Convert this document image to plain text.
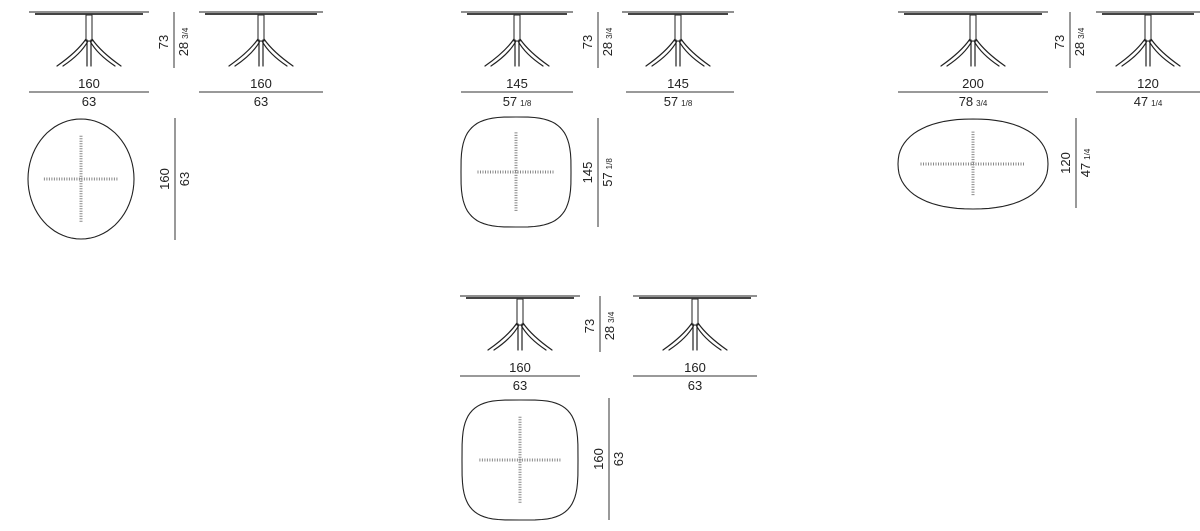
160
63
160
63
73 283/4
160 63
145
57 1/8
145
57 1/8
73 283/4
145 571/8
200
78 3/4
120
47 1/4
73 283/4
120 471/4
160
63
160
63
73 283/4
160 63
